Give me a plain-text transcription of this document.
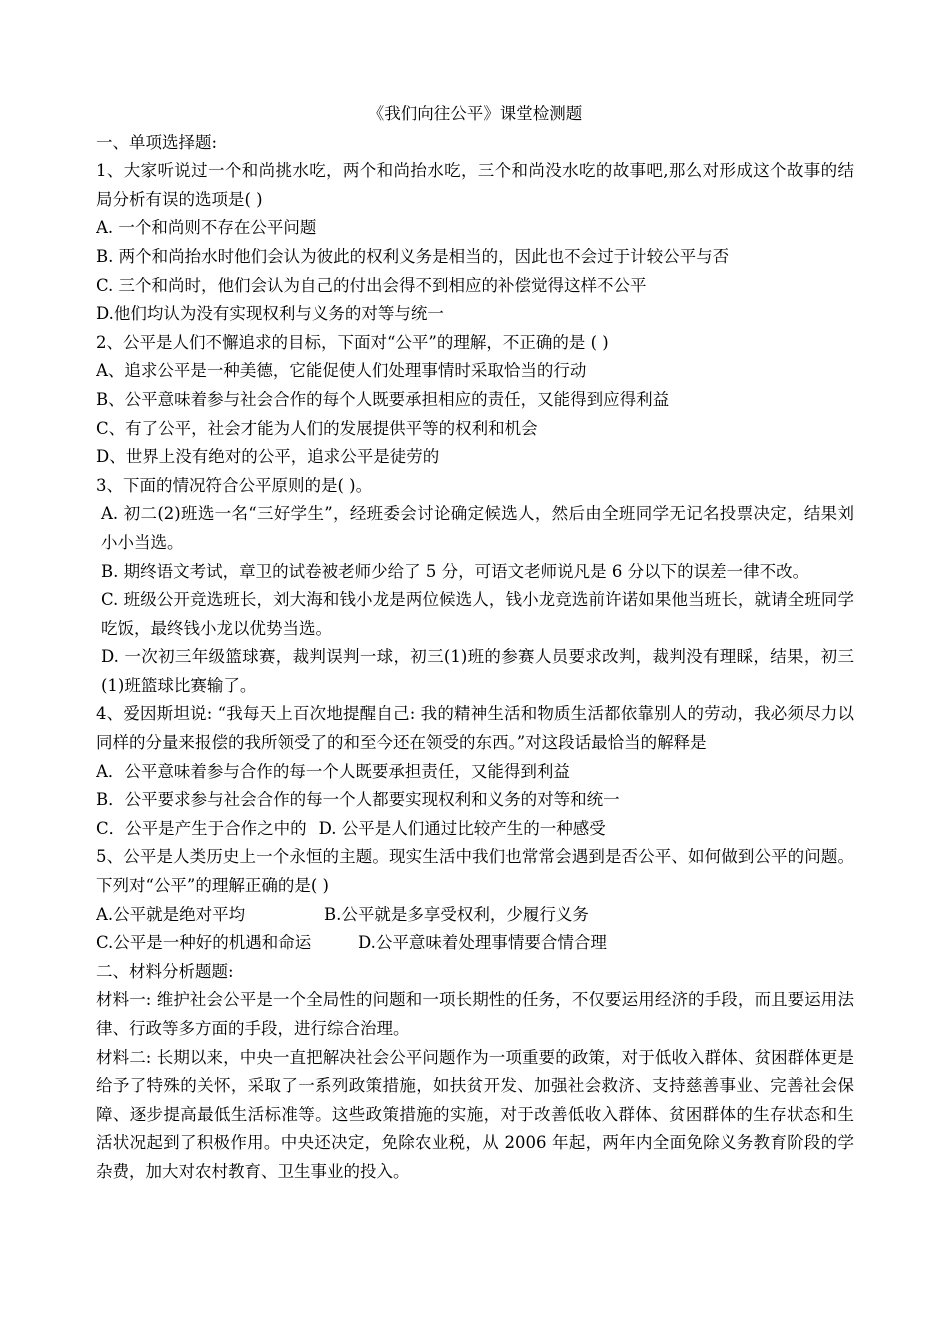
《我们向往公平》课堂检测题

一、单项选择题:

1、大家听说过一个和尚挑水吃，两个和尚抬水吃，三个和尚没水吃的故事吧,那么对形成这个故事的结局分析有误的选项是( )

A. 一个和尚则不存在公平问题

B. 两个和尚抬水时他们会认为彼此的权利义务是相当的，因此也不会过于计较公平与否

C. 三个和尚时，他们会认为自己的付出会得不到相应的补偿觉得这样不公平

D.他们均认为没有实现权利与义务的对等与统一

2、公平是人们不懈追求的目标，下面对“公平”的理解，不正确的是 ( )

A、追求公平是一种美德，它能促使人们处理事情时采取恰当的行动

B、公平意味着参与社会合作的每个人既要承担相应的责任，又能得到应得利益

C、有了公平，社会才能为人们的发展提供平等的权利和机会

D、世界上没有绝对的公平，追求公平是徒劳的

3、下面的情况符合公平原则的是( )。

A. 初二(2)班选一名“三好学生”，经班委会讨论确定候选人，然后由全班同学无记名投票决定，结果刘小小当选。

B. 期终语文考试，章卫的试卷被老师少给了 5 分，可语文老师说凡是 6 分以下的误差一律不改。

C. 班级公开竞选班长，刘大海和钱小龙是两位候选人，钱小龙竞选前许诺如果他当班长，就请全班同学吃饭，最终钱小龙以优势当选。

D. 一次初三年级篮球赛，裁判误判一球，初三(1)班的参赛人员要求改判，裁判没有理睬，结果，初三(1)班篮球比赛输了。

4、爱因斯坦说: “我每天上百次地提醒自己: 我的精神生活和物质生活都依靠别人的劳动，我必须尽力以同样的分量来报偿的我所领受了的和至今还在领受的东西。”对这段话最恰当的解释是

A．公平意味着参与合作的每一个人既要承担责任，又能得到利益

B．公平要求参与社会合作的每一个人都要实现权利和义务的对等和统一

C．公平是产生于合作之中的 D. 公平是人们通过比较产生的一种感受

5、公平是人类历史上一个永恒的主题。现实生活中我们也常常会遇到是否公平、如何做到公平的问题。下列对“公平”的理解正确的是( )

A.公平就是绝对平均	B.公平就是多享受权利，少履行义务
C.公平是一种好的机遇和命运	D.公平意味着处理事情要合情合理

二、材料分析题题:

材料一: 维护社会公平是一个全局性的问题和一项长期性的任务，不仅要运用经济的手段，而且要运用法律、行政等多方面的手段，进行综合治理。

材料二: 长期以来，中央一直把解决社会公平问题作为一项重要的政策，对于低收入群体、贫困群体更是给予了特殊的关怀，采取了一系列政策措施，如扶贫开发、加强社会救济、支持慈善事业、完善社会保障、逐步提高最低生活标准等。这些政策措施的实施，对于改善低收入群体、贫困群体的生存状态和生活状况起到了积极作用。中央还决定，免除农业税，从 2006 年起，两年内全面免除义务教育阶段的学杂费，加大对农村教育、卫生事业的投入。
